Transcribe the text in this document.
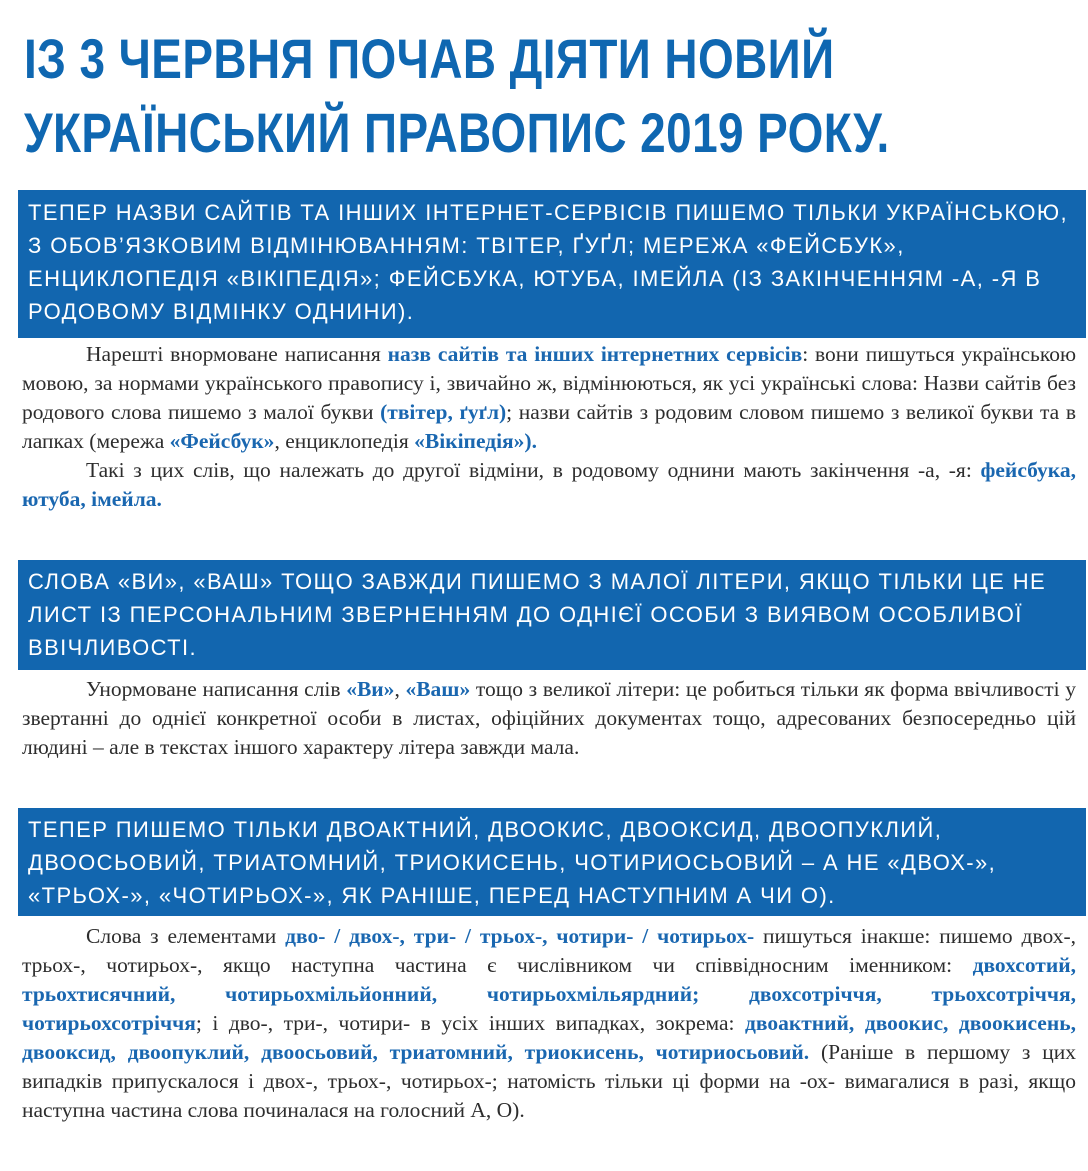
ІЗ 3 ЧЕРВНЯ ПОЧАВ ДІЯТИ НОВИЙ
УКРАЇНСЬКИЙ ПРАВОПИС 2019 РОКУ.
ТЕПЕР НАЗВИ САЙТІВ ТА ІНШИХ ІНТЕРНЕТ-СЕРВІСІВ ПИШЕМО ТІЛЬКИ УКРАЇНСЬКОЮ,
З ОБОВ’ЯЗКОВИМ ВІДМІНЮВАННЯМ: ТВІТЕР, ҐУҐЛ; МЕРЕЖА «ФЕЙСБУК»,
ЕНЦИКЛОПЕДІЯ «ВІКІПЕДІЯ»; ФЕЙСБУКА, ЮТУБА, ІМЕЙЛА (ІЗ ЗАКІНЧЕННЯМ -А, -Я В
РОДОВОМУ ВІДМІНКУ ОДНИНИ).

Нарешті внормоване написання назв сайтів та інших інтернетних сервісів: вони пишуться українською мовою, за нормами українського правопису і, звичайно ж, відмінюються, як усі українські слова: Назви сайтів без родового слова пишемо з малої букви (твітер, ґуґл); назви сайтів з родовим словом пишемо з великої букви та в лапках (мережа «Фейсбук», енциклопедія «Вікіпедія»).

Такі з цих слів, що належать до другої відміни, в родовому однини мають закінчення -а, -я: фейсбука, ютуба, імейла.

СЛОВА «ВИ», «ВАШ» ТОЩО ЗАВЖДИ ПИШЕМО З МАЛОЇ ЛІТЕРИ, ЯКЩО ТІЛЬКИ ЦЕ НЕ
ЛИСТ ІЗ ПЕРСОНАЛЬНИМ ЗВЕРНЕННЯМ ДО ОДНІЄЇ ОСОБИ З ВИЯВОМ ОСОБЛИВОЇ
ВВІЧЛИВОСТІ.

Унормоване написання слів «Ви», «Ваш» тощо з великої літери: це робиться тільки як форма ввічливості у звертанні до однієї конкретної особи в листах, офіційних документах тощо, адресованих безпосередньо цій людині – але в текстах іншого характеру літера завжди мала.

ТЕПЕР ПИШЕМО ТІЛЬКИ ДВОАКТНИЙ, ДВООКИС, ДВООКСИД, ДВООПУКЛИЙ,
ДВООСЬОВИЙ, ТРИАТОМНИЙ, ТРИОКИСЕНЬ, ЧОТИРИОСЬОВИЙ – А НЕ «ДВОХ-»,
«ТРЬОХ-», «ЧОТИРЬОХ-», ЯК РАНІШЕ, ПЕРЕД НАСТУПНИМ А ЧИ О).

Слова з елементами дво- / двох-, три- / трьох-, чотири- / чотирьох- пишуться інакше: пишемо двох-, трьох-, чотирьох-, якщо наступна частина є числівником чи співвідносним іменником: двохсотий, трьохтисячний, чотирьохмільйонний, чотирьохмільярдний; двохсотріччя, трьохсотріччя, чотирьохсотріччя; і дво-, три-, чотири- в усіх інших випадках, зокрема: двоактний, двоокис, двоокисень, двооксид, двоопуклий, двоосьовий, триатомний, триокисень, чотириосьовий. (Раніше в першому з цих випадків припускалося і двох-, трьох-, чотирьох-; натомість тільки ці форми на -ох- вимагалися в разі, якщо наступна частина слова починалася на голосний А, О).
